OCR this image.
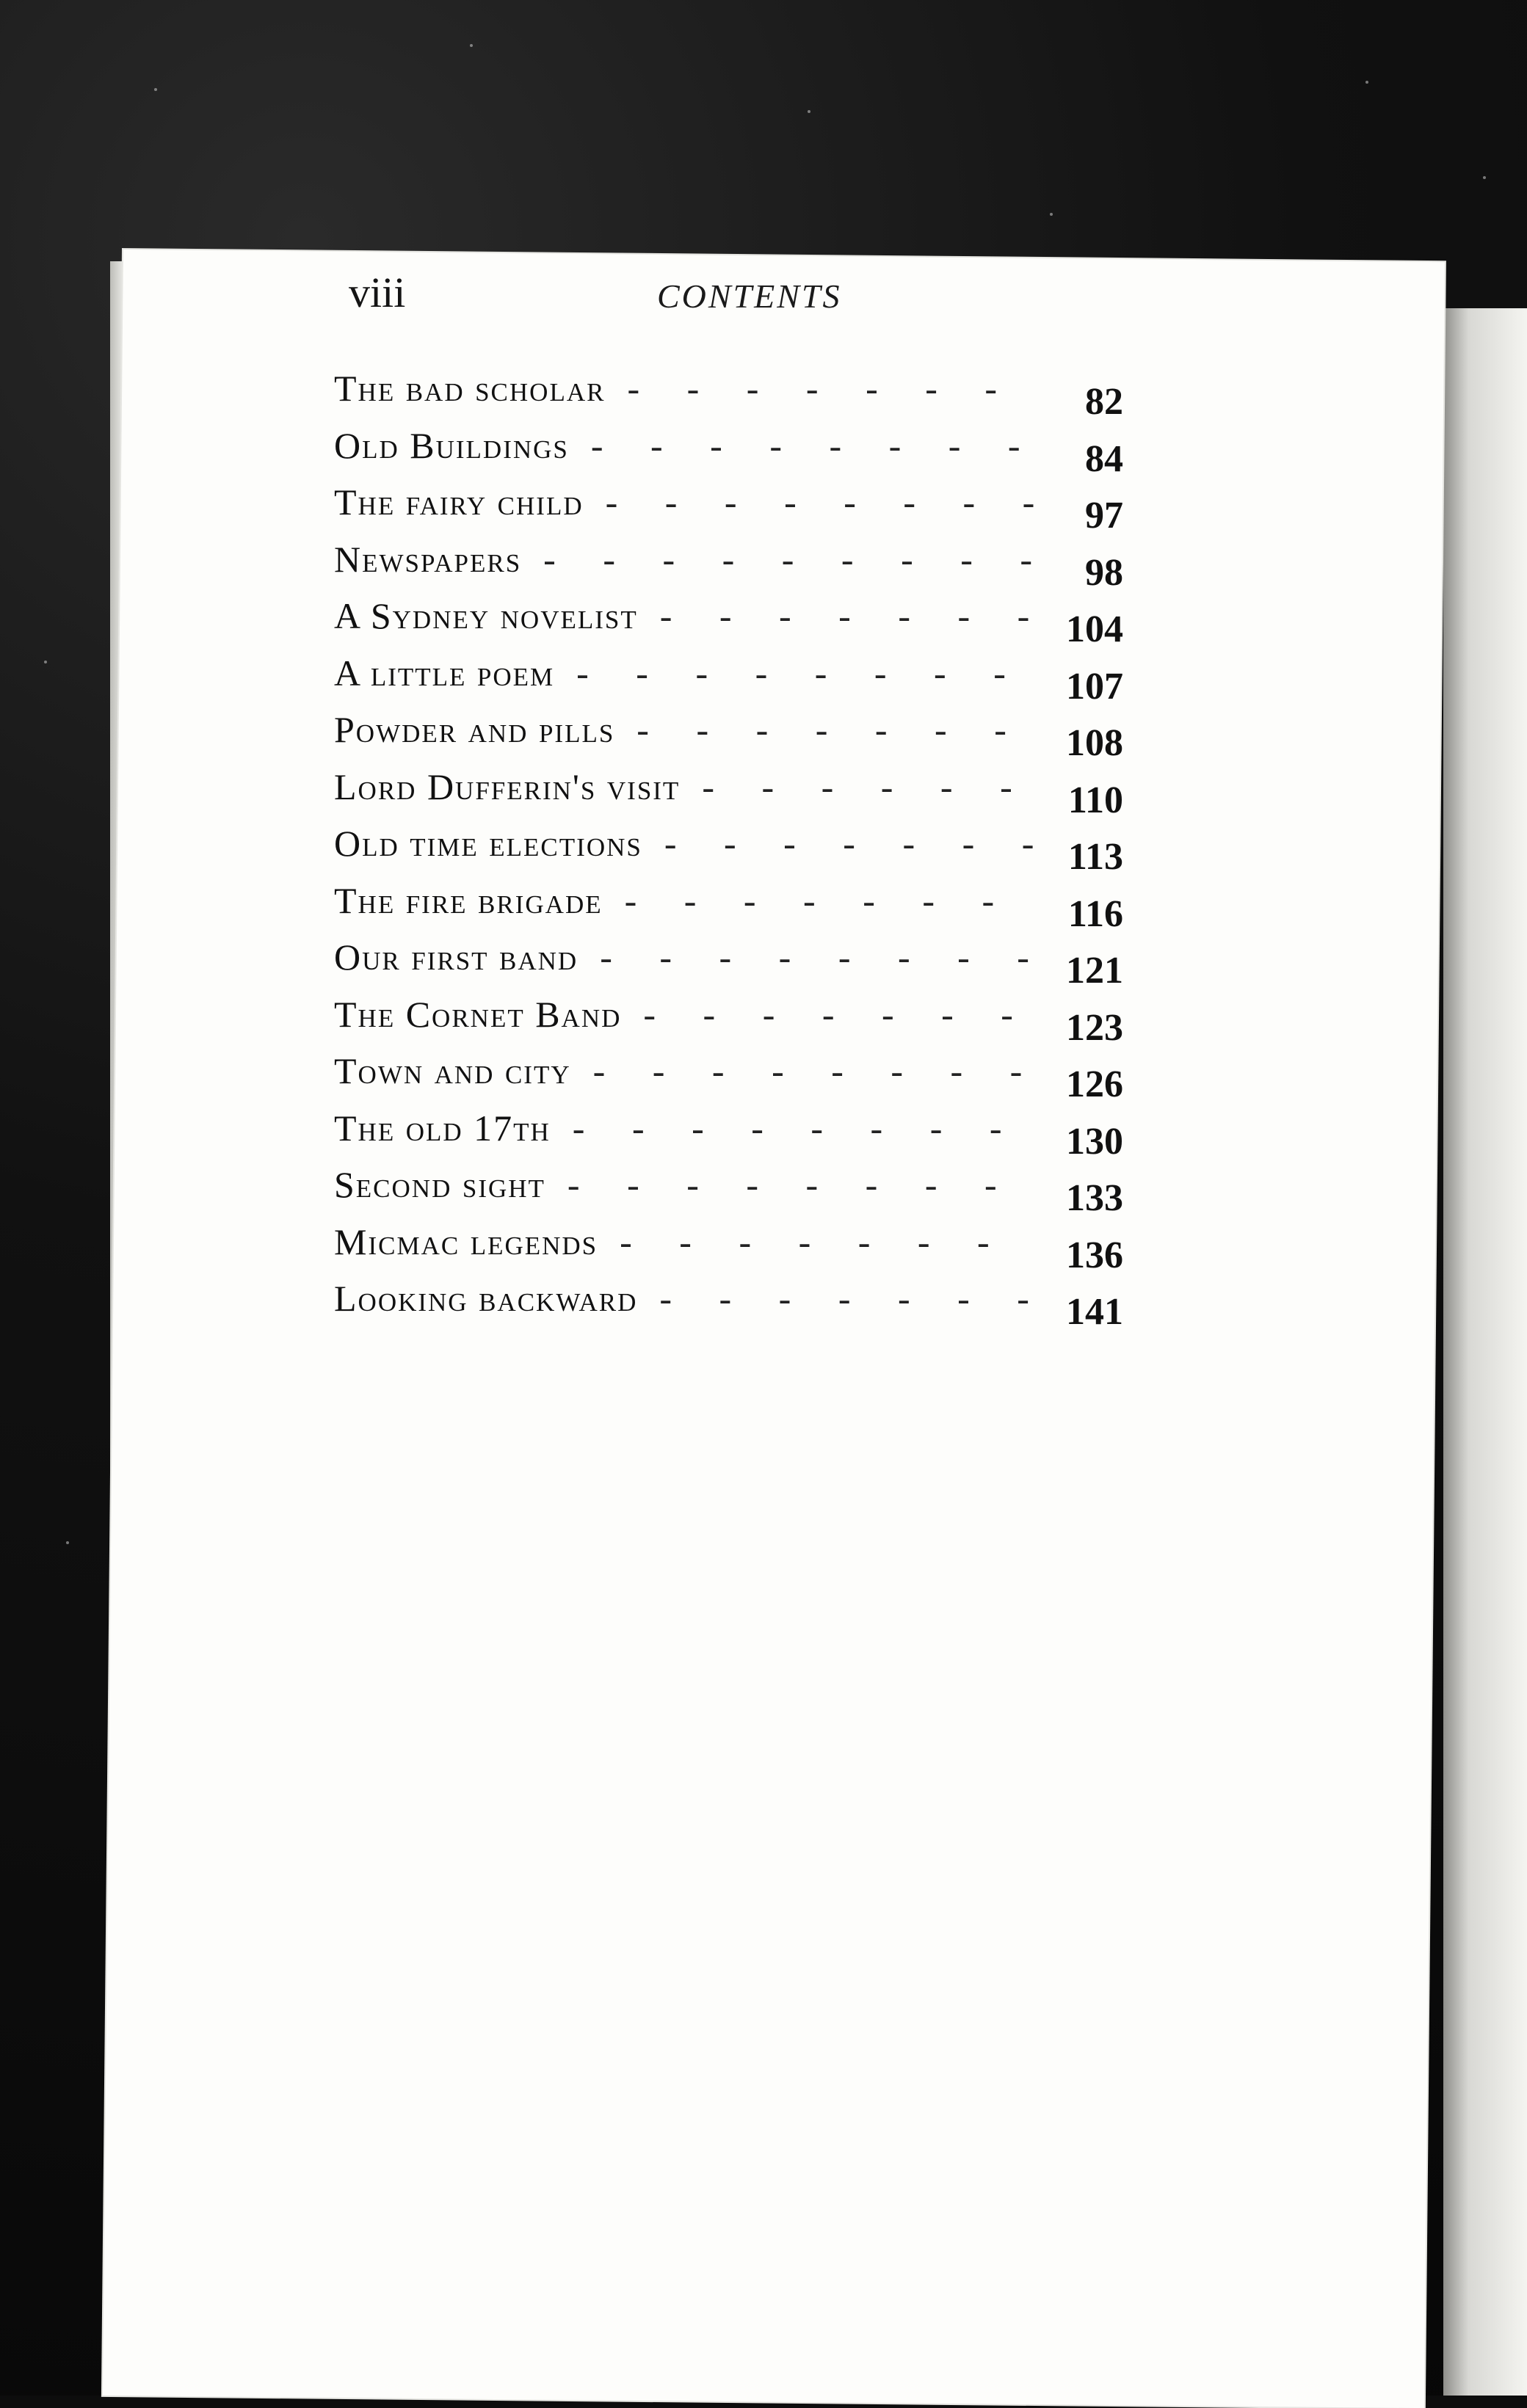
viii	CONTENTS
The bad scholar - - -	82
Old Buildings - - -	84
The fairy child - - -	97
Newspapers - - -	98
A Sydney novelist - - -	104
A little poem - - -	107
Powder and pills - - -	108
Lord Dufferin's visit - - -	110
Old time elections - - -	113
The fire brigade - - -	116
Our first band - - -	121
The Cornet Band - - -	123
Town and city - - -	126
The old 17th - - -	130
Second sight - - -	133
Micmac legends - - -	136
Looking backward - - -	141
